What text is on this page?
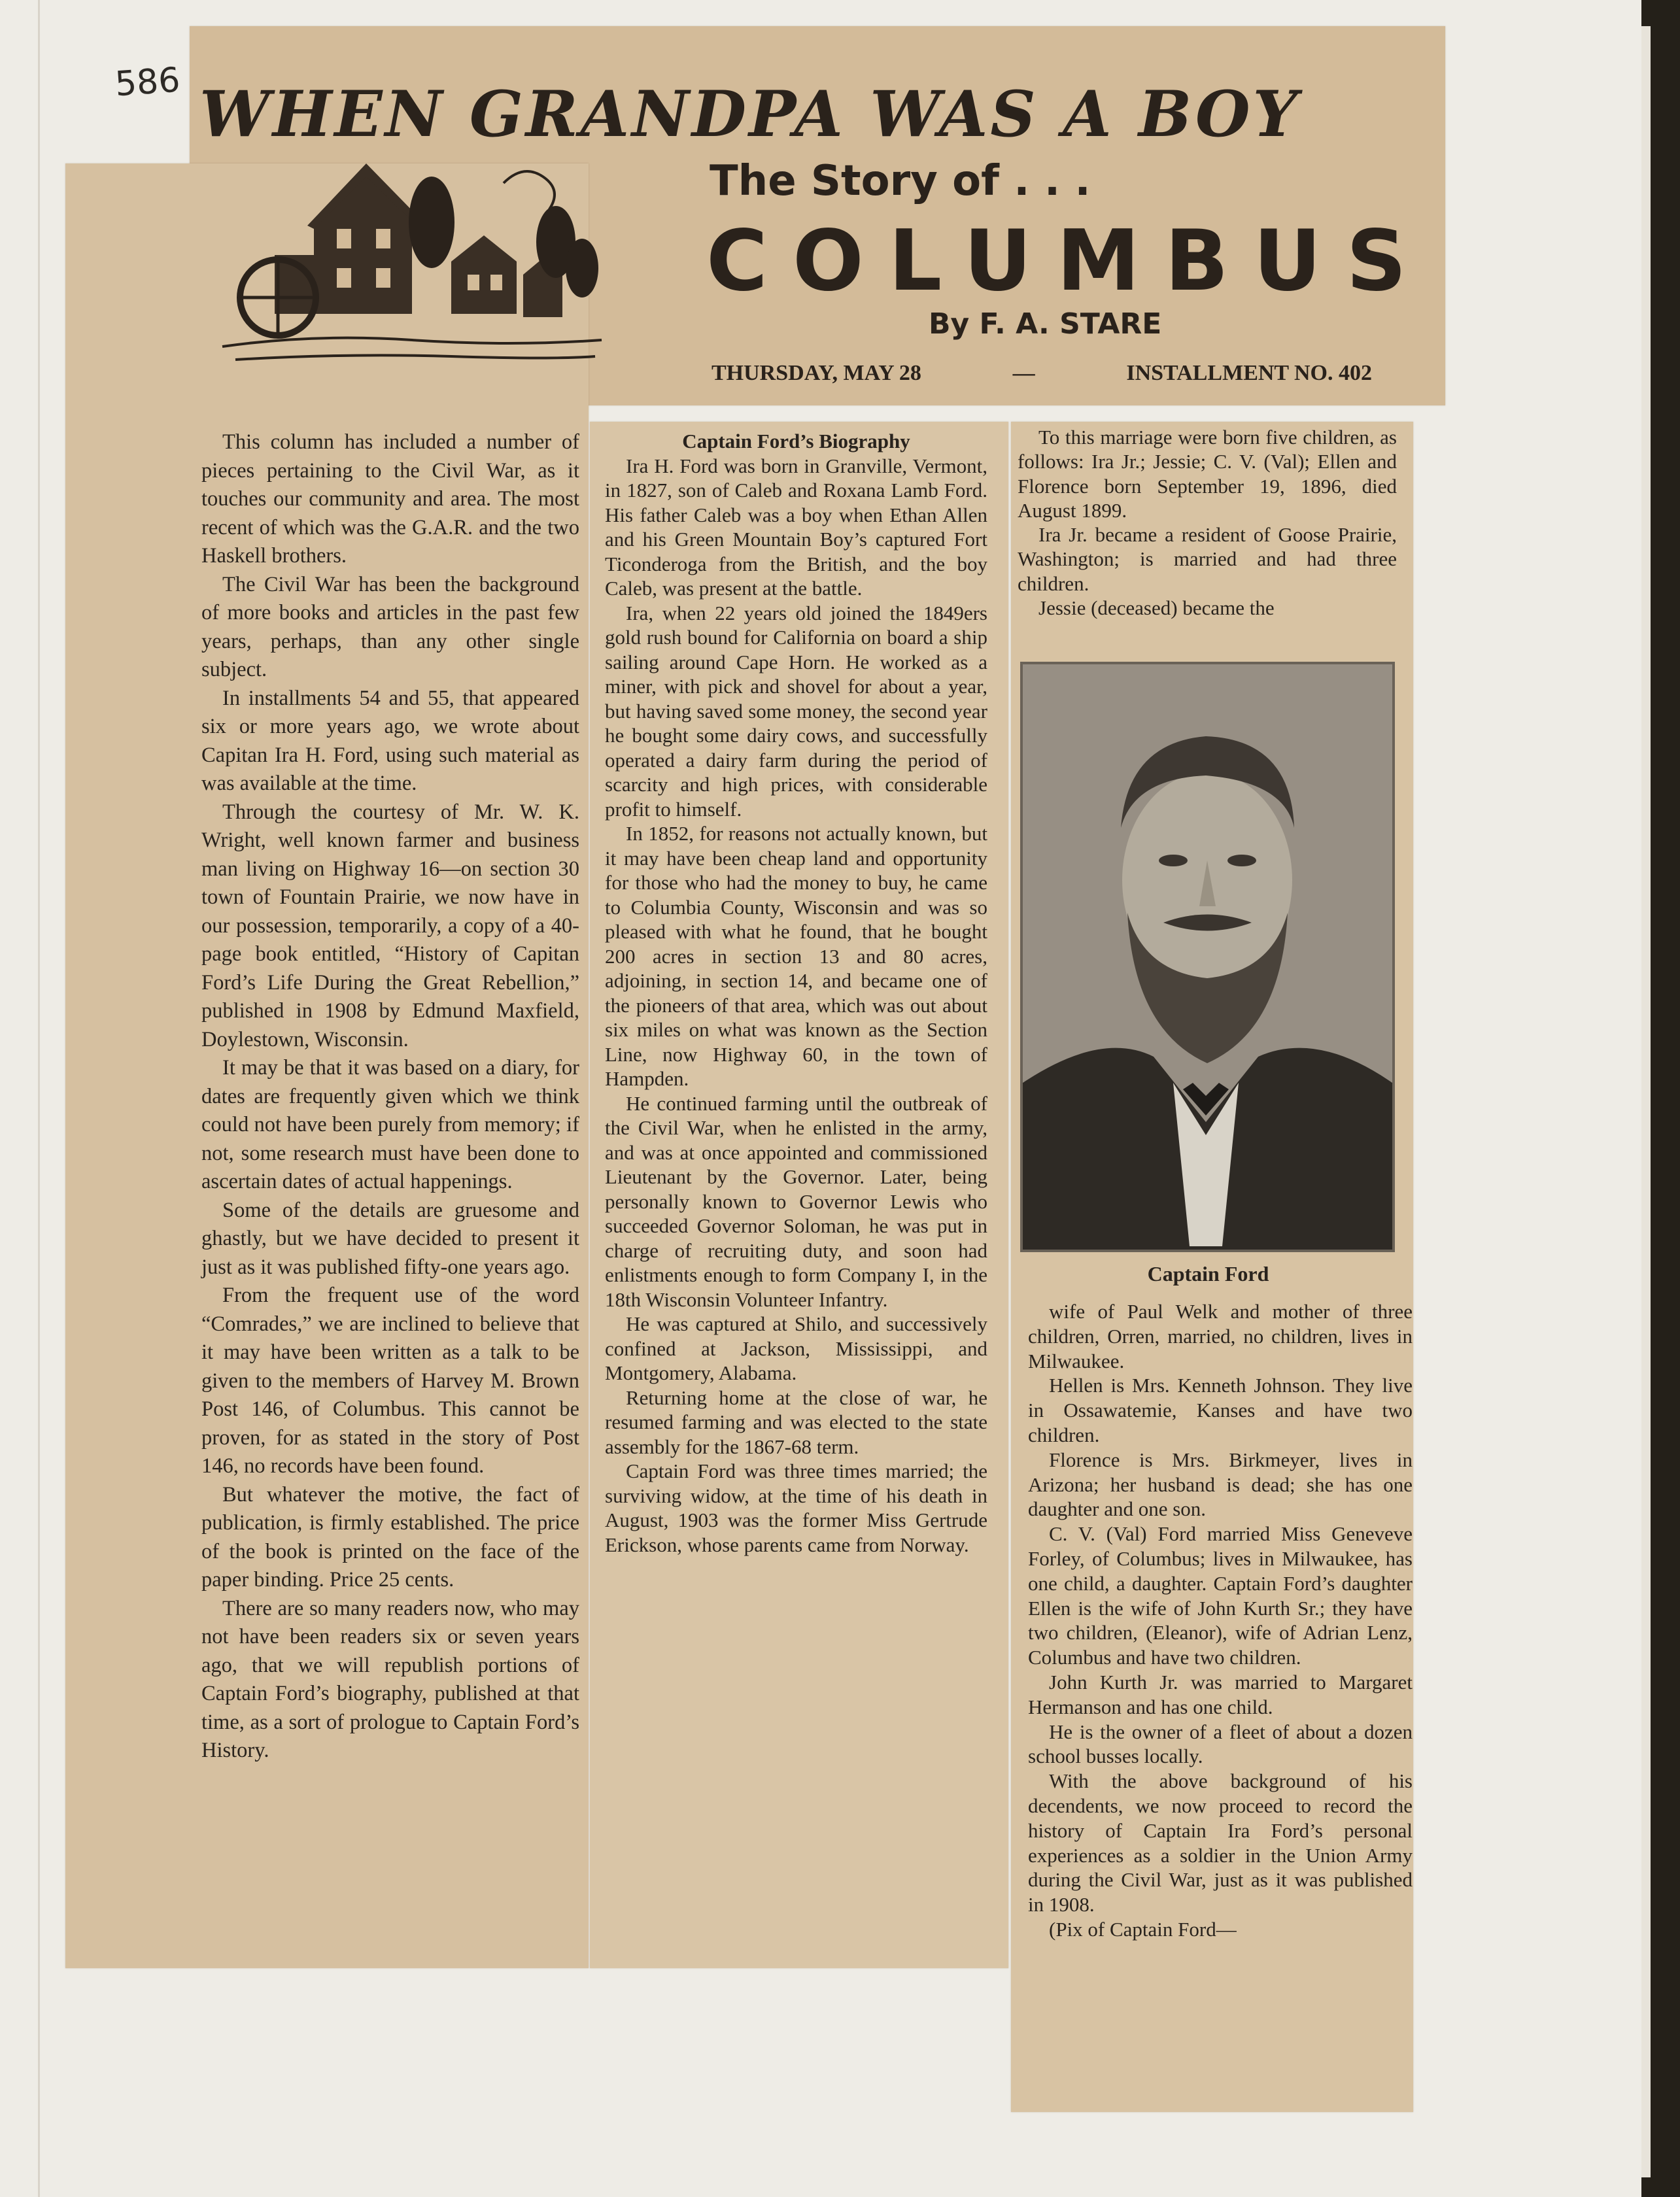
586 WHEN GRANDPA WAS A BOY
The Story of . . .
COLUMBUS
By F. A. STARE
THURSDAY, MAY 28	—	INSTALLMENT NO. 402

This column has included a number of pieces pertaining to the Civil War, as it touches our community and area. The most recent of which was the G.A.R. and the two Haskell brothers.

The Civil War has been the background of more books and articles in the past few years, perhaps, than any other single subject.

In installments 54 and 55, that appeared six or more years ago, we wrote about Capitan Ira H. Ford, using such material as was available at the time.

Through the courtesy of Mr. W. K. Wright, well known farmer and business man living on Highway 16—on section 30 town of Fountain Prairie, we now have in our possession, temporarily, a copy of a 40-page book entitled, “History of Capitan Ford’s Life During the Great Rebellion,” published in 1908 by Edmund Maxfield, Doylestown, Wisconsin.

It may be that it was based on a diary, for dates are frequently given which we think could not have been purely from memory; if not, some research must have been done to ascertain dates of actual happenings.

Some of the details are gruesome and ghastly, but we have decided to present it just as it was published fifty-one years ago.

From the frequent use of the word “Comrades,” we are inclined to believe that it may have been written as a talk to be given to the members of Harvey M. Brown Post 146, of Columbus. This cannot be proven, for as stated in the story of Post 146, no records have been found.

But whatever the motive, the fact of publication, is firmly established. The price of the book is printed on the face of the paper binding. Price 25 cents.

There are so many readers now, who may not have been readers six or seven years ago, that we will republish portions of Captain Ford’s biography, published at that time, as a sort of prologue to Captain Ford’s History.

Captain Ford’s Biography

Ira H. Ford was born in Granville, Vermont, in 1827, son of Caleb and Roxana Lamb Ford. His father Caleb was a boy when Ethan Allen and his Green Mountain Boy’s captured Fort Ticonderoga from the British, and the boy Caleb, was present at the battle.

Ira, when 22 years old joined the 1849ers gold rush bound for California on board a ship sailing around Cape Horn. He worked as a miner, with pick and shovel for about a year, but having saved some money, the second year he bought some dairy cows, and successfully operated a dairy farm during the period of scarcity and high prices, with considerable profit to himself.

In 1852, for reasons not actually known, but it may have been cheap land and opportunity for those who had the money to buy, he came to Columbia County, Wisconsin and was so pleased with what he found, that he bought 200 acres in section 13 and 80 acres, adjoining, in section 14, and became one of the pioneers of that area, which was out about six miles on what was known as the Section Line, now Highway 60, in the town of Hampden.

He continued farming until the outbreak of the Civil War, when he enlisted in the army, and was at once appointed and commissioned Lieutenant by the Governor. Later, being personally known to Governor Lewis who succeeded Governor Soloman, he was put in charge of recruiting duty, and soon had enlistments enough to form Company I, in the 18th Wisconsin Volunteer Infantry.

He was captured at Shilo, and successively confined at Jackson, Mississippi, and Montgomery, Alabama.

Returning home at the close of war, he resumed farming and was elected to the state assembly for the 1867-68 term.

Captain Ford was three times married; the surviving widow, at the time of his death in August, 1903 was the former Miss Gertrude Erickson, whose parents came from Norway.

To this marriage were born five children, as follows: Ira Jr.; Jessie; C. V. (Val); Ellen and Florence born September 19, 1896, died August 1899.

Ira Jr. became a resident of Goose Prairie, Washington; is married and had three children.

Jessie (deceased) became the

Captain Ford

wife of Paul Welk and mother of three children, Orren, married, no children, lives in Milwaukee.

Hellen is Mrs. Kenneth Johnson. They live in Ossawatemie, Kanses and have two children.

Florence is Mrs. Birkmeyer, lives in Arizona; her husband is dead; she has one daughter and one son.

C. V. (Val) Ford married Miss Geneveve Forley, of Columbus; lives in Milwaukee, has one child, a daughter. Captain Ford’s daughter Ellen is the wife of John Kurth Sr.; they have two children, (Eleanor), wife of Adrian Lenz, Columbus and have two children.

John Kurth Jr. was married to Margaret Hermanson and has one child.

He is the owner of a fleet of about a dozen school busses locally.

With the above background of his decendents, we now proceed to record the history of Captain Ira Ford’s personal experiences as a soldier in the Union Army during the Civil War, just as it was published in 1908.

(Pix of Captain Ford—
